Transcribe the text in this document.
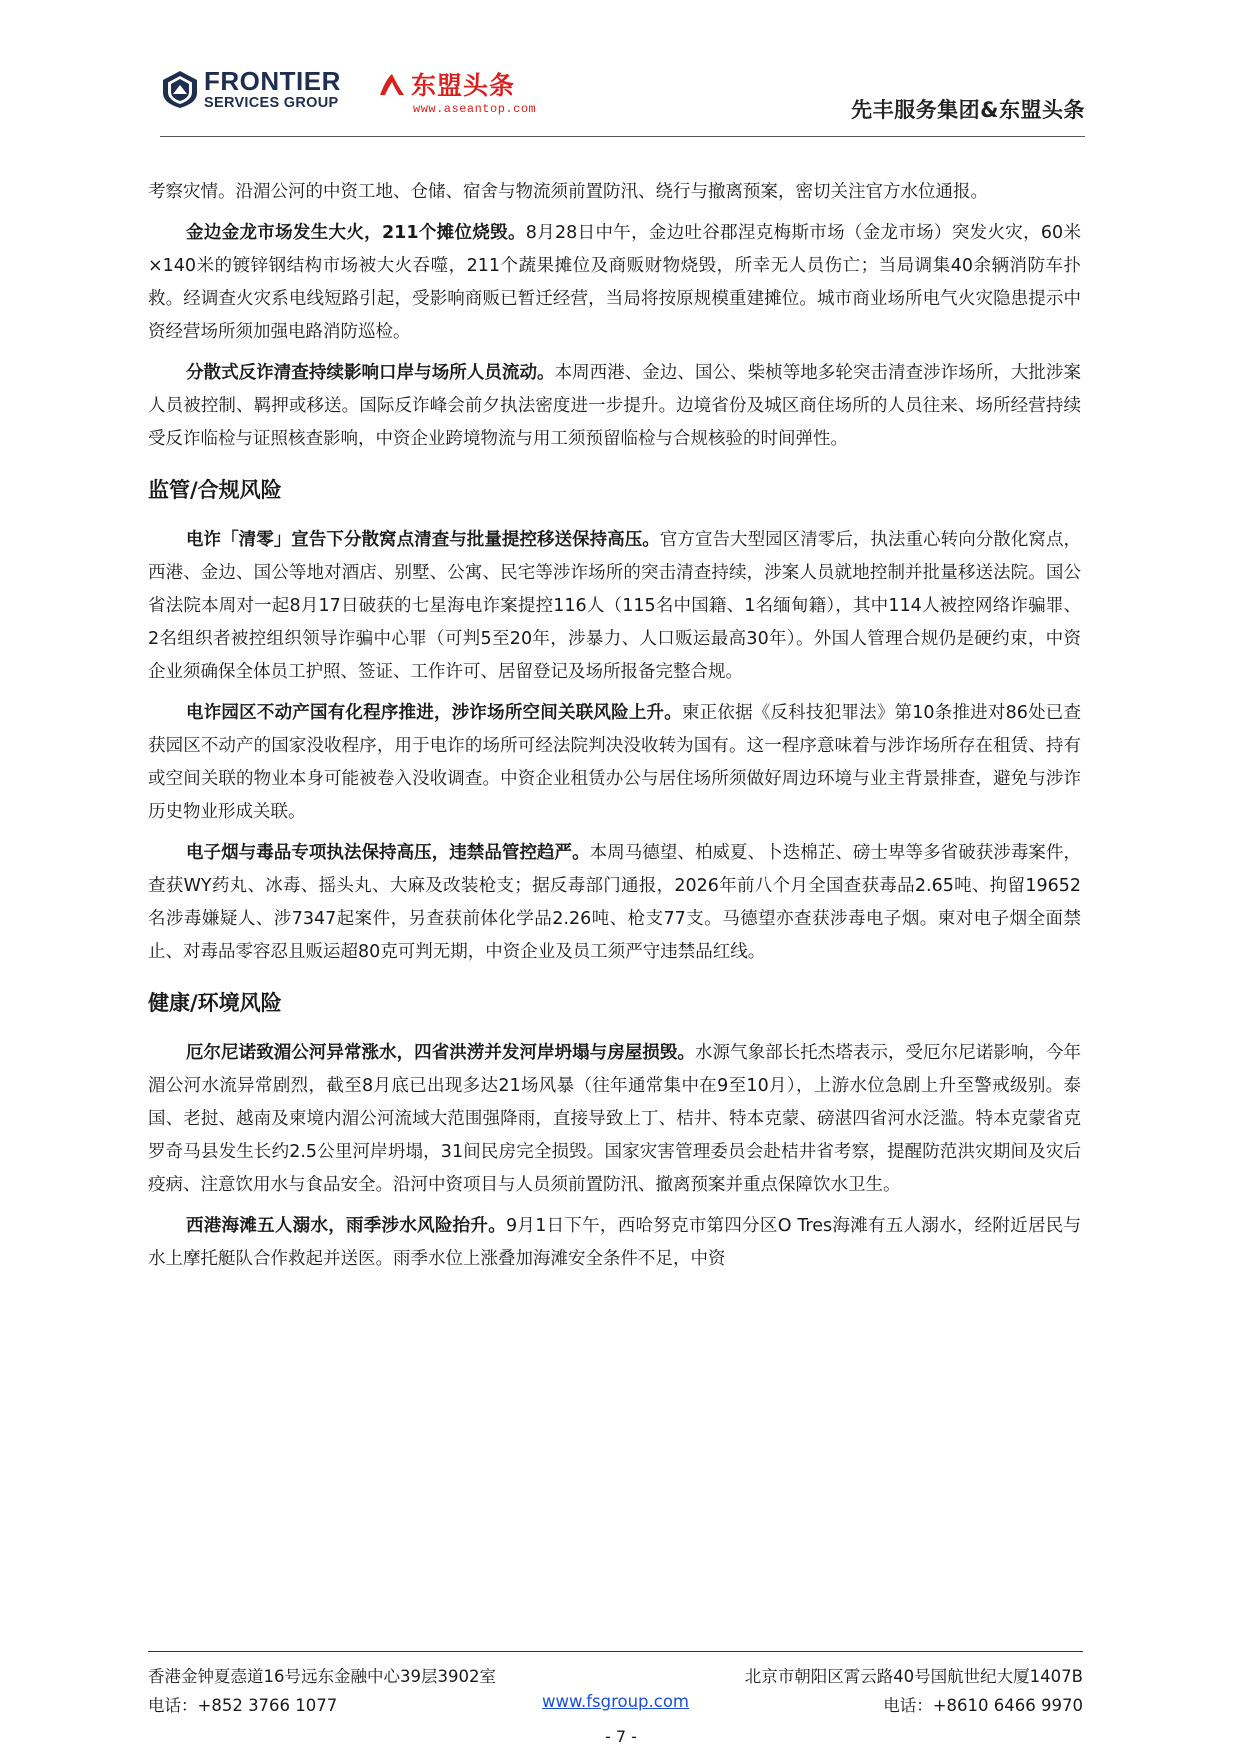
FRONTIER
SERVICES GROUP
东盟头条
www.aseantop.com	先丰服务集团&东盟头条

考察灾情。沿湄公河的中资工地、仓储、宿舍与物流须前置防汛、绕行与撤离预案，密切关注官方水位通报。

金边金龙市场发生大火，211个摊位烧毁。8月28日中午，金边吐谷郡涅克梅斯市场（金龙市场）突发火灾，60米×140米的镀锌钢结构市场被大火吞噬，211个蔬果摊位及商贩财物烧毁，所幸无人员伤亡；当局调集40余辆消防车扑救。经调查火灾系电线短路引起，受影响商贩已暂迁经营，当局将按原规模重建摊位。城市商业场所电气火灾隐患提示中资经营场所须加强电路消防巡检。

分散式反诈清查持续影响口岸与场所人员流动。本周西港、金边、国公、柴桢等地多轮突击清查涉诈场所，大批涉案人员被控制、羁押或移送。国际反诈峰会前夕执法密度进一步提升。边境省份及城区商住场所的人员往来、场所经营持续受反诈临检与证照核查影响，中资企业跨境物流与用工须预留临检与合规核验的时间弹性。

监管/合规风险

电诈「清零」宣告下分散窝点清查与批量提控移送保持高压。官方宣告大型园区清零后，执法重心转向分散化窝点，西港、金边、国公等地对酒店、别墅、公寓、民宅等涉诈场所的突击清查持续，涉案人员就地控制并批量移送法院。国公省法院本周对一起8月17日破获的七星海电诈案提控116人（115名中国籍、1名缅甸籍），其中114人被控网络诈骗罪、2名组织者被控组织领导诈骗中心罪（可判5至20年，涉暴力、人口贩运最高30年）。外国人管理合规仍是硬约束，中资企业须确保全体员工护照、签证、工作许可、居留登记及场所报备完整合规。

电诈园区不动产国有化程序推进，涉诈场所空间关联风险上升。柬正依据《反科技犯罪法》第10条推进对86处已查获园区不动产的国家没收程序，用于电诈的场所可经法院判决没收转为国有。这一程序意味着与涉诈场所存在租赁、持有或空间关联的物业本身可能被卷入没收调查。中资企业租赁办公与居住场所须做好周边环境与业主背景排查，避免与涉诈历史物业形成关联。

电子烟与毒品专项执法保持高压，违禁品管控趋严。本周马德望、柏威夏、卜迭棉芷、磅士卑等多省破获涉毒案件，查获WY药丸、冰毒、摇头丸、大麻及改装枪支；据反毒部门通报，2026年前八个月全国查获毒品2.65吨、拘留19652名涉毒嫌疑人、涉7347起案件，另查获前体化学品2.26吨、枪支77支。马德望亦查获涉毒电子烟。柬对电子烟全面禁止、对毒品零容忍且贩运超80克可判无期，中资企业及员工须严守违禁品红线。

健康/环境风险

厄尔尼诺致湄公河异常涨水，四省洪涝并发河岸坍塌与房屋损毁。水源气象部长托杰塔表示，受厄尔尼诺影响，今年湄公河水流异常剧烈，截至8月底已出现多达21场风暴（往年通常集中在9至10月），上游水位急剧上升至警戒级别。泰国、老挝、越南及柬境内湄公河流域大范围强降雨，直接导致上丁、桔井、特本克蒙、磅湛四省河水泛滥。特本克蒙省克罗奇马县发生长约2.5公里河岸坍塌，31间民房完全损毁。国家灾害管理委员会赴桔井省考察，提醒防范洪灾期间及灾后疫病、注意饮用水与食品安全。沿河中资项目与人员须前置防汛、撤离预案并重点保障饮水卫生。

西港海滩五人溺水，雨季涉水风险抬升。9月1日下午，西哈努克市第四分区O Tres海滩有五人溺水，经附近居民与水上摩托艇队合作救起并送医。雨季水位上涨叠加海滩安全条件不足，中资

香港金钟夏悫道16号远东金融中心39层3902室	北京市朝阳区霄云路40号国航世纪大厦1407B
电话：+852 3766 1077	www.fsgroup.com	电话：+8610 6466 9970
- 7 -
